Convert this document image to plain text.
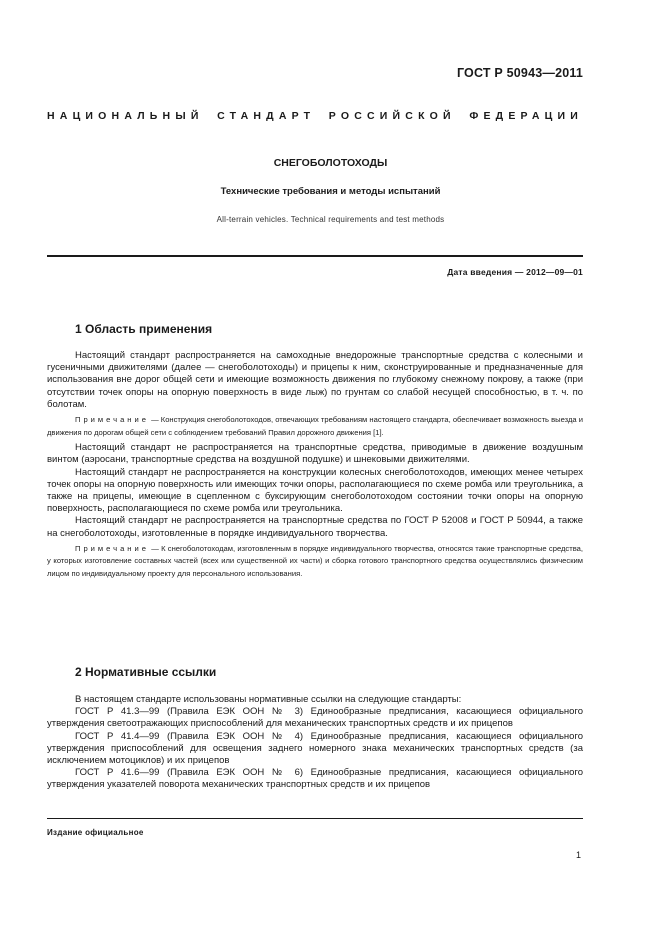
ГОСТ Р 50943—2011
НАЦИОНАЛЬНЫЙ СТАНДАРТ РОССИЙСКОЙ ФЕДЕРАЦИИ
СНЕГОБОЛОТОХОДЫ
Технические требования и методы испытаний
All-terrain vehicles. Technical requirements and test methods
Дата введения — 2012—09—01
1 Область применения

Настоящий стандарт распространяется на самоходные внедорожные транспортные средства с колесными и гусеничными движителями (далее — снегоболотоходы) и прицепы к ним, сконструированные и предназначенные для использования вне дорог общей сети и имеющие возможность движения по глубокому снежному покрову, а также (при отсутствии точек опоры на опорную поверхность в виде лыж) по грунтам со слабой несущей способностью, в т. ч. по болотам.

Примечание — Конструкция снегоболотоходов, отвечающих требованиям настоящего стандарта, обеспечивает возможность выезда и движения по дорогам общей сети с соблюдением требований Правил дорожного движения [1].

Настоящий стандарт не распространяется на транспортные средства, приводимые в движение воздушным винтом (аэросани, транспортные средства на воздушной подушке) и шнековыми движителями.

Настоящий стандарт не распространяется на конструкции колесных снегоболотоходов, имеющих менее четырех точек опоры на опорную поверхность или имеющих точки опоры, располагающиеся по схеме ромба или треугольника, а также на прицепы, имеющие в сцепленном с буксирующим снегоболотоходом состоянии точки опоры на опорную поверхность, располагающиеся по схеме ромба или треугольника.

Настоящий стандарт не распространяется на транспортные средства по ГОСТ Р 52008 и ГОСТ Р 50944, а также на снегоболотоходы, изготовленные в порядке индивидуального творчества.

Примечание — К снегоболотоходам, изготовленным в порядке индивидуального творчества, относятся такие транспортные средства, у которых изготовление составных частей (всех или существенной их части) и сборка готового транспортного средства осуществлялись физическим лицом по индивидуальному проекту для персонального использования.

2 Нормативные ссылки

В настоящем стандарте использованы нормативные ссылки на следующие стандарты:

ГОСТ Р 41.3—99 (Правила ЕЭК ООН № 3) Единообразные предписания, касающиеся официального утверждения светоотражающих приспособлений для механических транспортных средств и их прицепов

ГОСТ Р 41.4—99 (Правила ЕЭК ООН № 4) Единообразные предписания, касающиеся официального утверждения приспособлений для освещения заднего номерного знака механических транспортных средств (за исключением мотоциклов) и их прицепов

ГОСТ Р 41.6—99 (Правила ЕЭК ООН № 6) Единообразные предписания, касающиеся официального утверждения указателей поворота механических транспортных средств и их прицепов

Издание официальное
1
